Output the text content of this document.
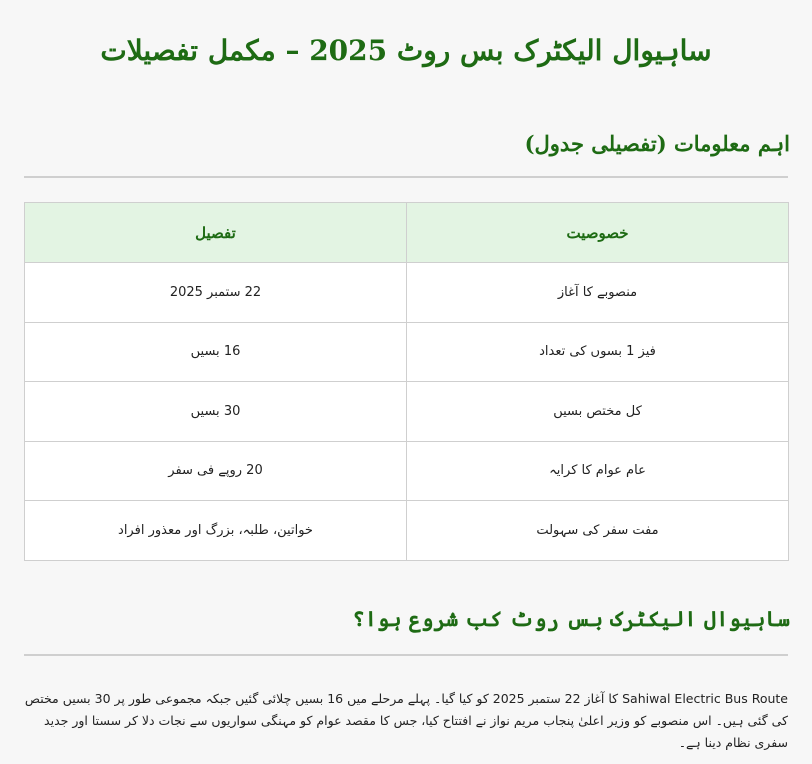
ساہیوال الیکٹرک بس روٹ 2025 – مکمل تفصیلات
اہم معلومات (تفصیلی جدول)
خصوصیت	تفصیل
منصوبے کا آغاز	22 ستمبر 2025
فیز 1 بسوں کی تعداد	16 بسیں
کل مختص بسیں	30 بسیں
عام عوام کا کرایہ	20 روپے فی سفر
مفت سفر کی سہولت	خواتین، طلبہ، بزرگ اور معذور افراد
ساہیوال الیکٹرک بس روٹ کب شروع ہوا؟

Sahiwal Electric Bus Route کا آغاز 22 ستمبر 2025 کو کیا گیا۔ پہلے مرحلے میں 16 بسیں چلائی گئیں جبکہ مجموعی طور پر 30 بسیں مختص کی گئی ہیں۔ اس منصوبے کو وزیر اعلیٰ پنجاب مریم نواز نے افتتاح کیا، جس کا مقصد عوام کو مہنگی سواریوں سے نجات دلا کر سستا اور جدید سفری نظام دینا ہے۔
